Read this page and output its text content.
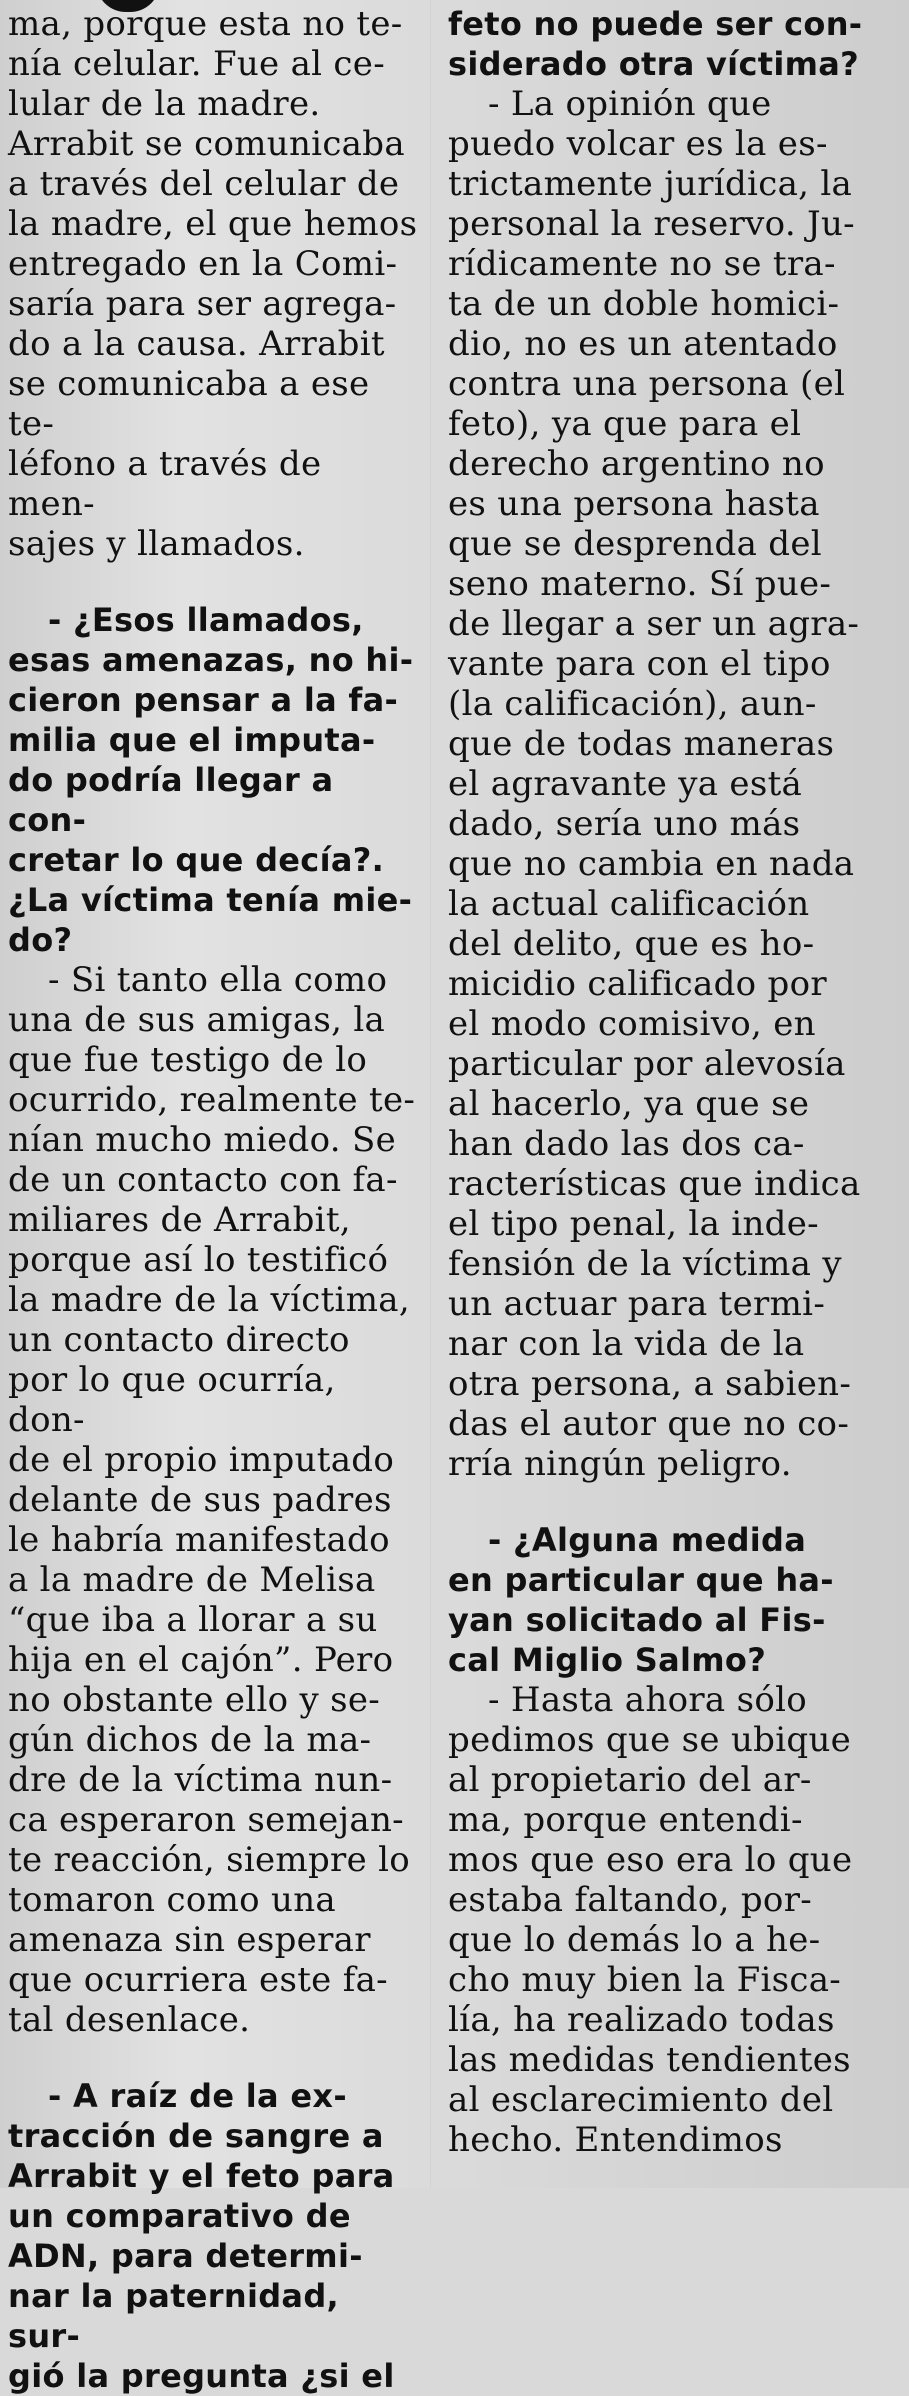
ma, porque esta no te-

nía celular. Fue al ce-

lular de la madre.

Arrabit se comunicaba

a través del celular de

la madre, el que hemos

entregado en la Comi-

saría para ser agrega-

do a la causa. Arrabit

se comunicaba a ese te-

léfono a través de men-

sajes y llamados.

- ¿Esos llamados,

esas amenazas, no hi-

cieron pensar a la fa-

milia que el imputa-

do podría llegar a con-

cretar lo que decía?.

¿La víctima tenía mie-

do?

- Si tanto ella como

una de sus amigas, la

que fue testigo de lo

ocurrido, realmente te-

nían mucho miedo. Se

de un contacto con fa-

miliares de Arrabit,

porque así lo testificó

la madre de la víctima,

un contacto directo

por lo que ocurría, don-

de el propio imputado

delante de sus padres

le habría manifestado

a la madre de Melisa

“que iba a llorar a su

hija en el cajón”. Pero

no obstante ello y se-

gún dichos de la ma-

dre de la víctima nun-

ca esperaron semejan-

te reacción, siempre lo

tomaron como una

amenaza sin esperar

que ocurriera este fa-

tal desenlace.

- A raíz de la ex-

tracción de sangre a

Arrabit y el feto para

un comparativo de

ADN, para determi-

nar la paternidad, sur-

gió la pregunta ¿si el

feto no puede ser con-

siderado otra víctima?

- La opinión que

puedo volcar es la es-

trictamente jurídica, la

personal la reservo. Ju-

rídicamente no se tra-

ta de un doble homici-

dio, no es un atentado

contra una persona (el

feto), ya que para el

derecho argentino no

es una persona hasta

que se desprenda del

seno materno. Sí pue-

de llegar a ser un agra-

vante para con el tipo

(la calificación), aun-

que de todas maneras

el agravante ya está

dado, sería uno más

que no cambia en nada

la actual calificación

del delito, que es ho-

micidio calificado por

el modo comisivo, en

particular por alevosía

al hacerlo, ya que se

han dado las dos ca-

racterísticas que indica

el tipo penal, la inde-

fensión de la víctima y

un actuar para termi-

nar con la vida de la

otra persona, a sabien-

das el autor que no co-

rría ningún peligro.

- ¿Alguna medida

en particular que ha-

yan solicitado al Fis-

cal Miglio Salmo?

- Hasta ahora sólo

pedimos que se ubique

al propietario del ar-

ma, porque entendi-

mos que eso era lo que

estaba faltando, por-

que lo demás lo a he-

cho muy bien la Fisca-

lía, ha realizado todas

las medidas tendientes

al esclarecimiento del

hecho. Entendimos
